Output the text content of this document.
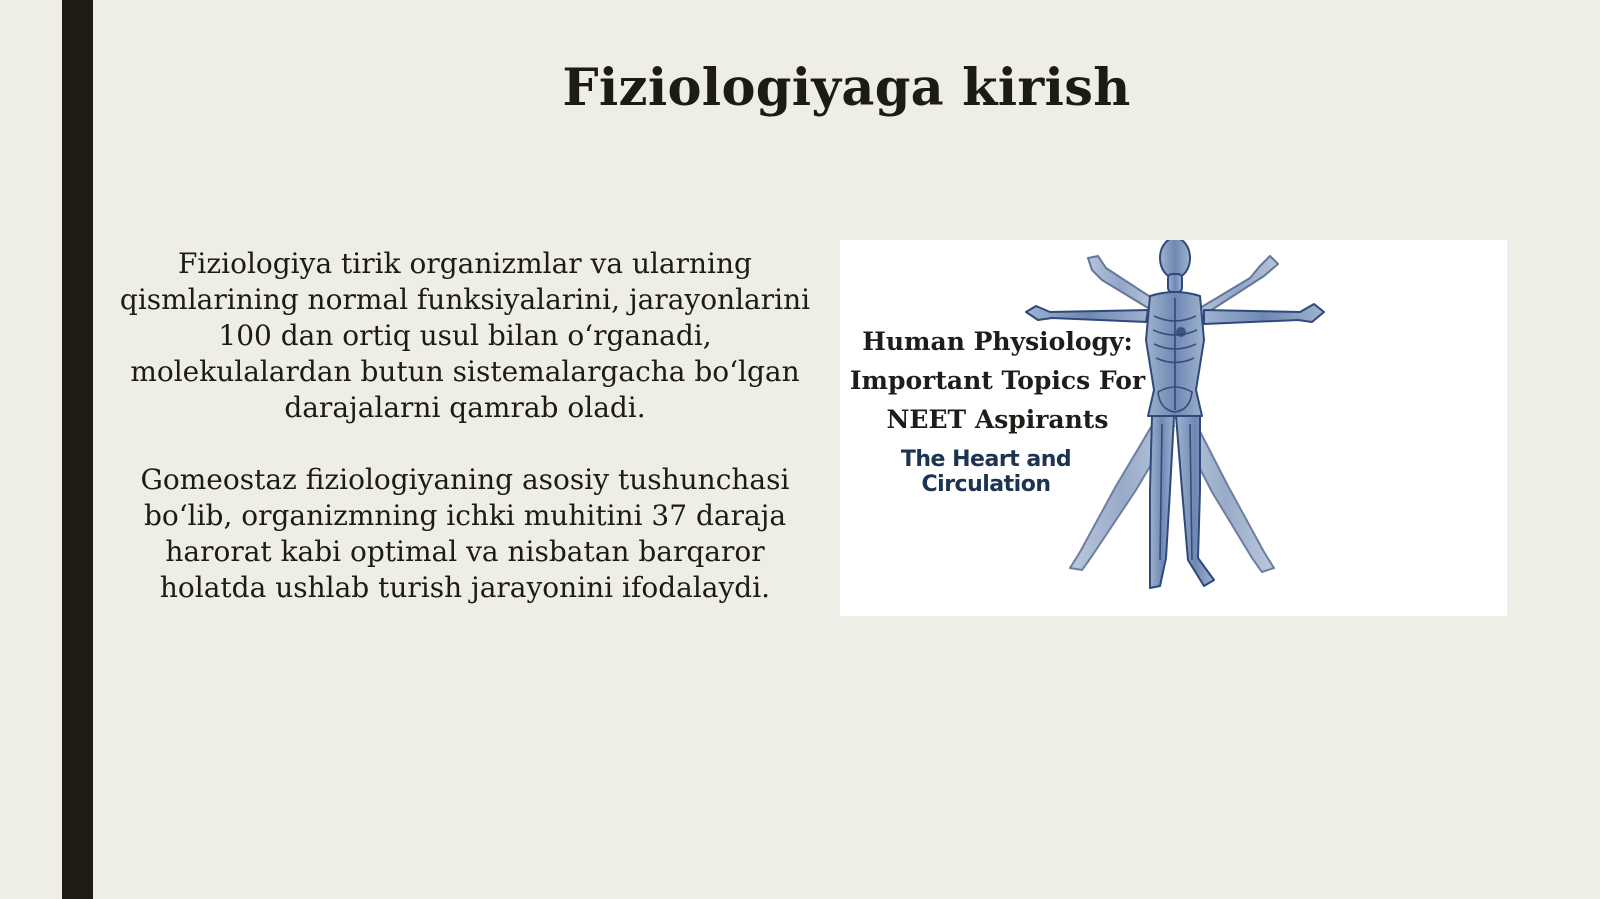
Fiziologiyaga kirish

Fiziologiya tirik organizmlar va ularning qismlarining normal funksiyalarini, jarayonlarini 100 dan ortiq usul bilan oʻrganadi, molekulalardan butun sistemalargacha boʻlgan darajalarni qamrab oladi.

Gomeostaz fiziologiyaning asosiy tushunchasi boʻlib, organizmning ichki muhitini 37 daraja harorat kabi optimal va nisbatan barqaror holatda ushlab turish jarayonini ifodalaydi.

Human Physiology:
Important Topics For
NEET Aspirants
The Heart and Circulation
